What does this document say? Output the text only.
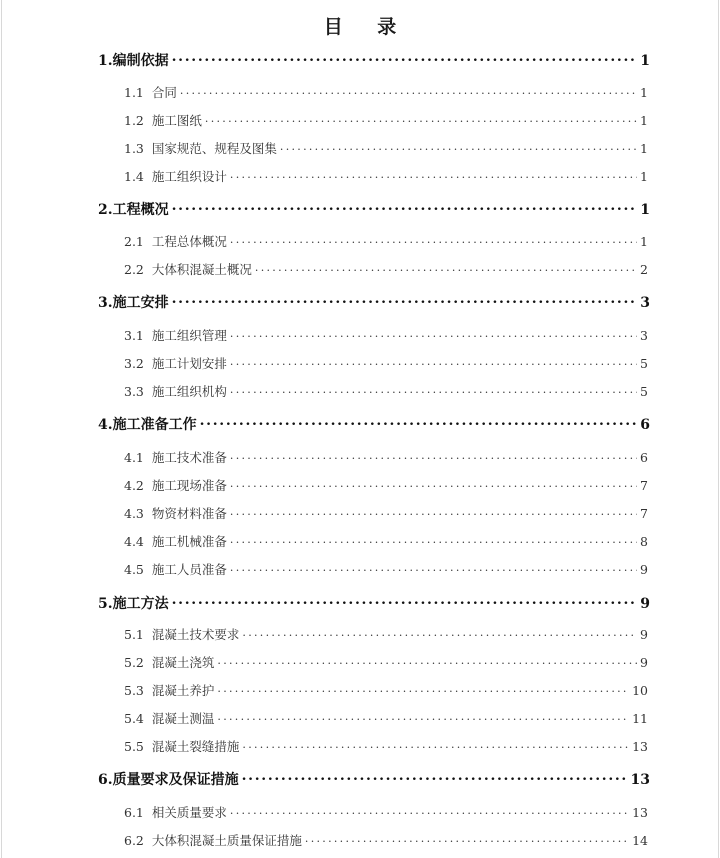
目 录
1.编制依据 . . .	1
1.1 合同 . . .	1
1.2 施工图纸 . . .	1
1.3 国家规范、规程及图集 . . .	1
1.4 施工组织设计 . . .	1
2.工程概况 . . .	1
2.1 工程总体概况 . . .	1
2.2 大体积混凝土概况 . . .	2
3.施工安排 . . .	3
3.1 施工组织管理 . . .	3
3.2 施工计划安排 . . .	5
3.3 施工组织机构 . . .	5
4.施工准备工作 . . .	6
4.1 施工技术准备 . . .	6
4.2 施工现场准备 . . .	7
4.3 物资材料准备 . . .	7
4.4 施工机械准备 . . .	8
4.5 施工人员准备 . . .	9
5.施工方法 . . .	9
5.1 混凝土技术要求 . . .	9
5.2 混凝土浇筑 . . .	9
5.3 混凝土养护 . . .	10
5.4 混凝土测温 . . .	11
5.5 混凝土裂缝措施 . . .	13
6.质量要求及保证措施 . . .	13
6.1 相关质量要求 . . .	13
6.2 大体积混凝土质量保证措施 . . .	14
